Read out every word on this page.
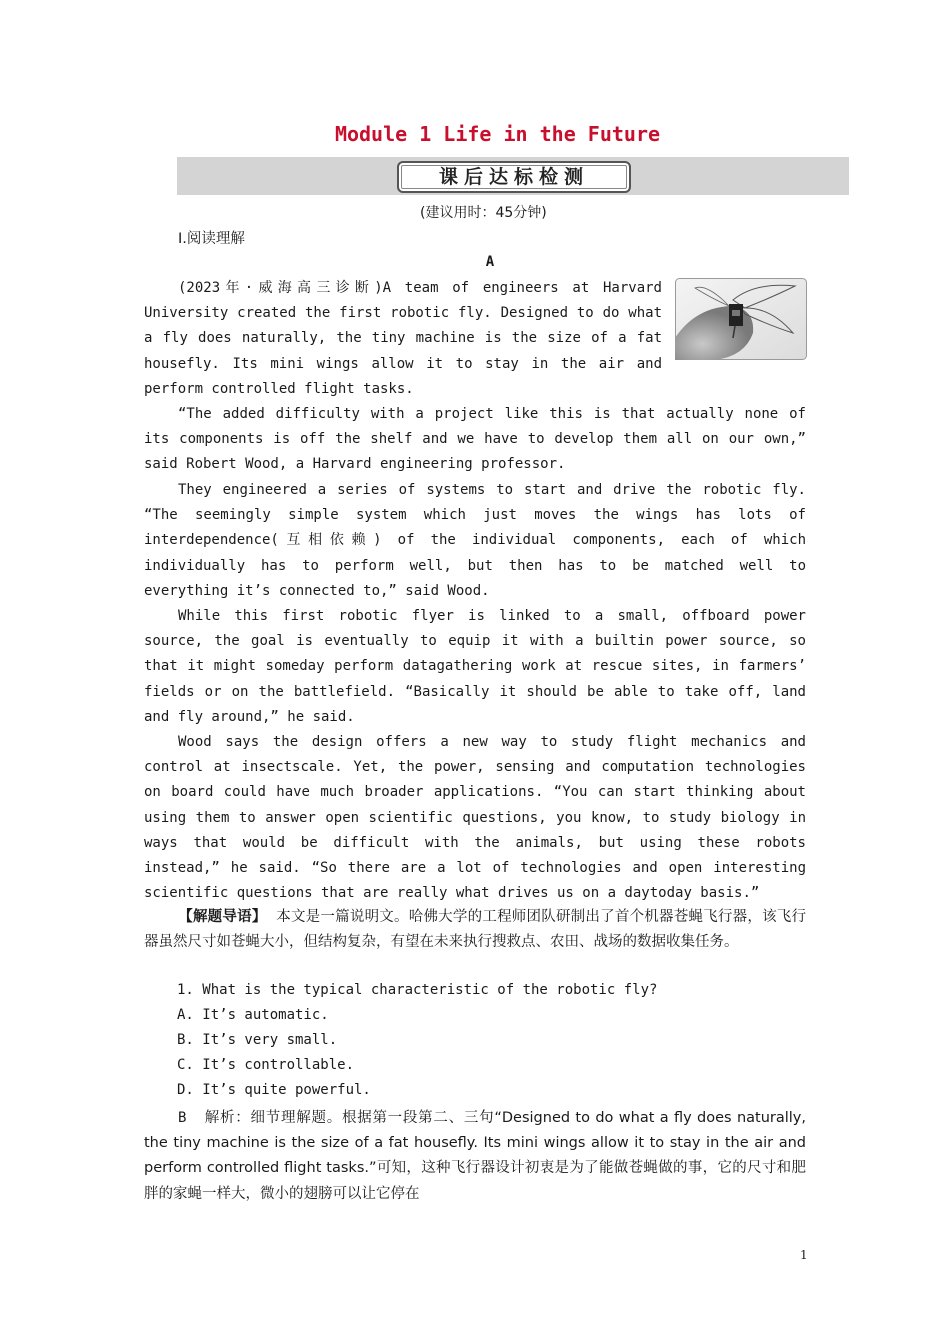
Module 1 Life in the Future
课后达标检测
(建议用时：45分钟)
Ⅰ.阅读理解
A
(2023年·威海高三诊断)A team of engineers at Harvard University created the first robotic fly. Designed to do what a fly does naturally, the tiny machine is the size of a fat housefly. Its mini wings allow it to stay in the air and perform controlled flight tasks.
“The added difficulty with a project like this is that actually none of its components is off the shelf and we have to develop them all on our own,” said Robert Wood, a Harvard engineering professor.
They engineered a series of systems to start and drive the robotic fly. “The seemingly simple system which just moves the wings has lots of interdependence(互相依赖) of the individual components, each of which individually has to perform well, but then has to be matched well to everything it’s connected to,” said Wood.
While this first robotic flyer is linked to a small, offboard power source, the goal is eventually to equip it with a builtin power source, so that it might someday perform datagathering work at rescue sites, in farmers’ fields or on the battlefield. “Basically it should be able to take off, land and fly around,” he said.
Wood says the design offers a new way to study flight mechanics and control at insectscale. Yet, the power, sensing and computation technologies on board could have much broader applications. “You can start thinking about using them to answer open scientific questions, you know, to study biology in ways that would be difficult with the animals, but using these robots instead,” he said. “So there are a lot of technologies and open interesting scientific questions that are really what drives us on a daytoday basis.”
【解题导语】 本文是一篇说明文。哈佛大学的工程师团队研制出了首个机器苍蝇飞行器，该飞行器虽然尺寸如苍蝇大小，但结构复杂，有望在未来执行搜救点、农田、战场的数据收集任务。
1. What is the typical characteristic of the robotic fly?
A. It’s automatic.
B. It’s very small.
C. It’s controllable.
D. It’s quite powerful.
B 解析：细节理解题。根据第一段第二、三句“Designed to do what a fly does naturally, the tiny machine is the size of a fat housefly. Its mini wings allow it to stay in the air and perform controlled flight tasks.”可知，这种飞行器设计初衷是为了能做苍蝇做的事，它的尺寸和肥胖的家蝇一样大，微小的翅膀可以让它停在
1
